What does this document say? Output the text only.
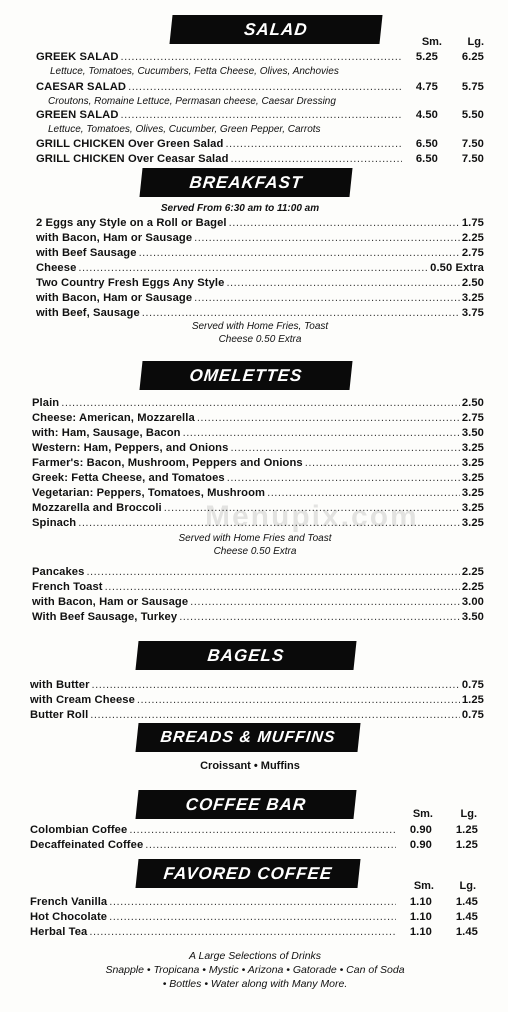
SALAD
Sm.	Lg.
GREEK SALAD .....	5.25	6.25
Lettuce, Tomatoes, Cucumbers, Fetta Cheese, Olives, Anchovies
CAESAR SALAD .....	4.75	5.75
Croutons, Romaine Lettuce, Permasan cheese, Caesar Dressing
GREEN SALAD .....	4.50	5.50
Lettuce, Tomatoes, Olives, Cucumber, Green Pepper, Carrots
GRILL CHICKEN Over Green Salad .....	6.50	7.50
GRILL CHICKEN Over Ceasar Salad .....	6.50	7.50
BREAKFAST
Served From 6:30 am to 11:00 am
2 Eggs any Style on a Roll or Bagel .....	1.75
with Bacon, Ham or Sausage .....	2.25
with Beef Sausage .....	2.75
Cheese .....	0.50 Extra
Two Country Fresh Eggs Any Style .....	2.50
with Bacon, Ham or Sausage .....	3.25
with Beef, Sausage .....	3.75
Served with Home Fries, Toast
Cheese 0.50 Extra
OMELETTES
Plain .....	2.50
Cheese: American, Mozzarella .....	2.75
with: Ham, Sausage, Bacon .....	3.50
Western: Ham, Peppers, and Onions .....	3.25
Farmer's: Bacon, Mushroom, Peppers and Onions .....	3.25
Greek: Fetta Cheese, and Tomatoes .....	3.25
Vegetarian: Peppers, Tomatoes, Mushroom .....	3.25
Mozzarella and Broccoli .....	3.25
Spinach .....	3.25
Served with Home Fries and Toast
Cheese 0.50 Extra
Pancakes .....	2.25
French Toast .....	2.25
with Bacon, Ham or Sausage .....	3.00
With Beef Sausage, Turkey .....	3.50
BAGELS
with Butter .....	0.75
with Cream Cheese .....	1.25
Butter Roll .....	0.75
BREADS & MUFFINS
Croissant • Muffins
COFFEE BAR	Sm.	Lg.
Colombian Coffee .....	0.90	1.25
Decaffeinated Coffee .....	0.90	1.25
FAVORED COFFEE
Sm.	Lg.
French Vanilla .....	1.10	1.45
Hot Chocolate .....	1.10	1.45
Herbal Tea .....	1.10	1.45
A Large Selections of Drinks
Snapple • Tropicana • Mystic • Arizona • Gatorade • Can of Soda
• Bottles • Water along with Many More.
Menupix.com
